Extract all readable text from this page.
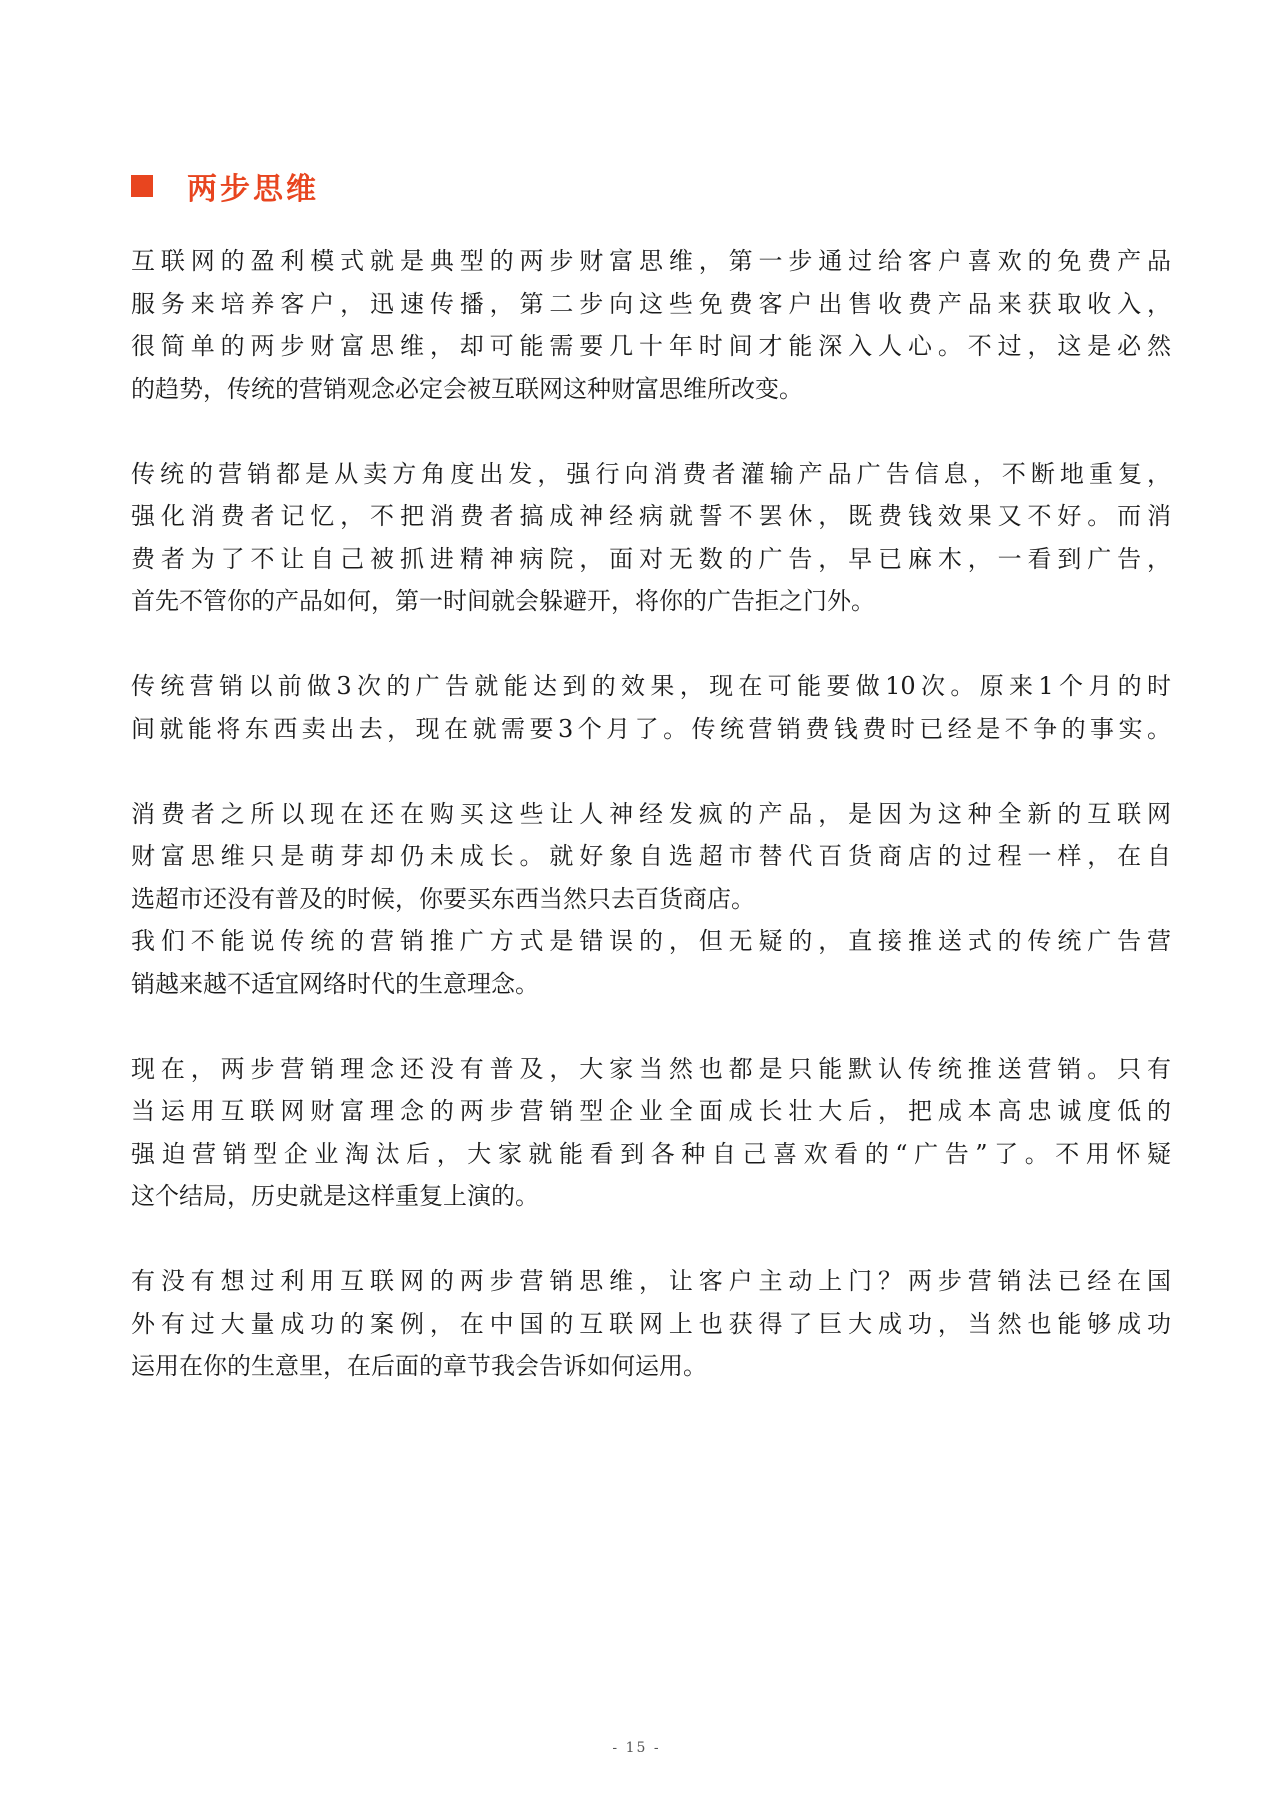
两步思维
互联网的盈利模式就是典型的两步财富思维，第一步通过给客户喜欢的免费产品
服务来培养客户，迅速传播，第二步向这些免费客户出售收费产品来获取收入，
很简单的两步财富思维，却可能需要几十年时间才能深入人心。不过，这是必然
的趋势，传统的营销观念必定会被互联网这种财富思维所改变。
传统的营销都是从卖方角度出发，强行向消费者灌输产品广告信息，不断地重复，
强化消费者记忆，不把消费者搞成神经病就誓不罢休，既费钱效果又不好。而消
费者为了不让自己被抓进精神病院，面对无数的广告，早已麻木，一看到广告，
首先不管你的产品如何，第一时间就会躲避开，将你的广告拒之门外。
传统营销以前做3次的广告就能达到的效果，现在可能要做10次。原来1个月的时
间就能将东西卖出去，现在就需要3个月了。传统营销费钱费时已经是不争的事实。
消费者之所以现在还在购买这些让人神经发疯的产品，是因为这种全新的互联网
财富思维只是萌芽却仍未成长。就好象自选超市替代百货商店的过程一样，在自
选超市还没有普及的时候，你要买东西当然只去百货商店。
我们不能说传统的营销推广方式是错误的，但无疑的，直接推送式的传统广告营
销越来越不适宜网络时代的生意理念。
现在，两步营销理念还没有普及，大家当然也都是只能默认传统推送营销。只有
当运用互联网财富理念的两步营销型企业全面成长壮大后，把成本高忠诚度低的
强迫营销型企业淘汰后，大家就能看到各种自己喜欢看的“广告”了。不用怀疑
这个结局，历史就是这样重复上演的。
有没有想过利用互联网的两步营销思维，让客户主动上门？两步营销法已经在国
外有过大量成功的案例，在中国的互联网上也获得了巨大成功，当然也能够成功
运用在你的生意里，在后面的章节我会告诉如何运用。
- 15 -
